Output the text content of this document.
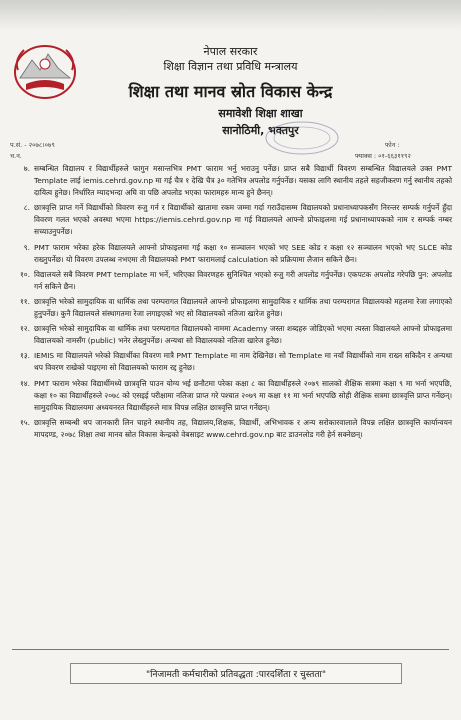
नेपाल सरकार
शिक्षा विज्ञान तथा प्रविधि मन्त्रालय
शिक्षा तथा मानव स्रोत विकास केन्द्र
समावेशी शिक्षा शाखा
सानोठिमी, भक्तपुर
प.सं. - २०७८।०७९
च.न.
फोन :
फ्याक्स : ०१-६६३११९२
७. सम्बन्धित विद्यालय र विद्यार्थीहरुले फागुन मसान्तभित्र PMT फाराम भर्नु भराउनु पर्नेछ। प्राप्त सबै विद्यार्थी विवरण सम्बन्धित विद्यालयले उक्त PMT Template लाई iemis.cehrd.gov.np मा गई चैत्र १ देखि चैत्र ३० गतेभित्र अपलोड गर्नुपर्नेछ। यसका लागि स्थानीय तहले सहजीकरण गर्नु स्थानीय तहको दायित्व हुनेछ। निर्धारित म्यादभन्दा अघि वा पछि अपलोड भएका फारामहरु मान्य हुने छैनन्।
८. छात्रवृत्ति प्राप्त गर्ने विद्यार्थीको विवरण रुजु गर्न र विद्यार्थीको खातामा रकम जम्मा गर्दा गराउँदासम्म विद्यालयको प्रधानाध्यापकसँग निरन्तर सम्पर्क गर्नुपर्ने हुँदा विवरण गलत भएको अवस्था भएमा https://iemis.cehrd.gov.np मा गई विद्यालयले आफ्नो प्रोफाइलमा गई प्रधानाध्यापकको नाम र सम्पर्क नम्बर सच्याउनुपर्नेछ।
९. PMT फाराम भरेका हरेक विद्यालयले आफ्नो प्रोफाइलमा गई कक्षा १० सञ्चालन भएको भए SEE कोड र कक्षा १२ सञ्चालन भएको भए SLCE कोड राख्नुपर्नेछ। यो विवरण उपलब्ध नभएमा ती विद्यालयको PMT फारामलाई calculation को प्रक्रियामा लैजान सकिने छैन।
१०. विद्यालयले सबै विवरण PMT template मा भर्ने, भरिएका विवरणहरु सुनिश्चित भएको रुजु गरी अपलोड गर्नुपर्नेछ। एकपटक अपलोड गरेपछि पुन: अपलोड गर्न सकिने छैन।
११. छात्रवृत्ति भरेको सामुदायिक वा धार्मिक तथा परम्परागत विद्यालयले आफ्नो प्रोफाइलमा सामुदायिक र धार्मिक तथा परम्परागत विद्यालयको महलमा रेजा लगाएको हुनुपर्नेछ। कुनै विद्यालयले संस्थागतमा रेजा लगाइएको भए सो विद्यालयको नतिजा खारेज हुनेछ।
१२. छात्रवृत्ति भरेको सामुदायिक वा धार्मिक तथा परम्परागत विद्यालयको नाममा Academy जस्ता शब्दहरु जोडिएको भएमा त्यस्ता विद्यालयले आफ्नो प्रोफाइलमा विद्यालयको नामसँग (public) भनेर लेख्नुपर्नेछ। अन्यथा सो विद्यालयको नतिजा खारेज हुनेछ।
१३. IEMIS मा विद्यालयले भरेको विद्यार्थीका विवरण मात्रै PMT Template मा नाम देखिनेछ। सो Template मा नयाँ विद्यार्थीको नाम राख्न सकिदैन र अन्यथा थप विवरण राखेको पाइएमा सो विद्यालयको फाराम रद्द हुनेछ।
१४. PMT फाराम भरेका विद्यार्थीमध्ये छात्रवृत्ति पाउन योग्य भई छनौटमा परेका कक्षा ८ का विद्यार्थीहरुले २०७९ सालको शैक्षिक सत्रमा कक्षा ९ मा भर्ना भएपछि, कक्षा १० का विद्यार्थीहरुले २०७८ को एसइई परीक्षामा नतिजा प्राप्त गरे पश्चात २०७९ मा कक्षा ११ मा भर्ना भएपछि सोही शैक्षिक सत्रमा छात्रवृत्ति प्राप्त गर्नेछन्। सामुदायिक विद्यालयमा अध्ययनरत विद्यार्थीहरुले मात्र विपन्न लक्षित छात्रवृत्ति प्राप्त गर्नेछन्।
१५. छात्रवृत्ति सम्बन्धी थप जानकारी लिन चाहने स्थानीय तह, विद्यालय,शिक्षक, विद्यार्थी, अभिभावक र अन्य सरोकारवालाले विपन्न लक्षित छात्रवृत्ति कार्यान्वयन मापदण्ड, २०७८ शिक्षा तथा मानव स्रोत विकास केन्द्रको वेबसाइट www.cehrd.gov.np बाट डाउनलोड गरी हेर्न सक्नेछन्।
"निजामती कर्मचारीको प्रतिवद्धता :पारदर्शिता र चुस्तता"
